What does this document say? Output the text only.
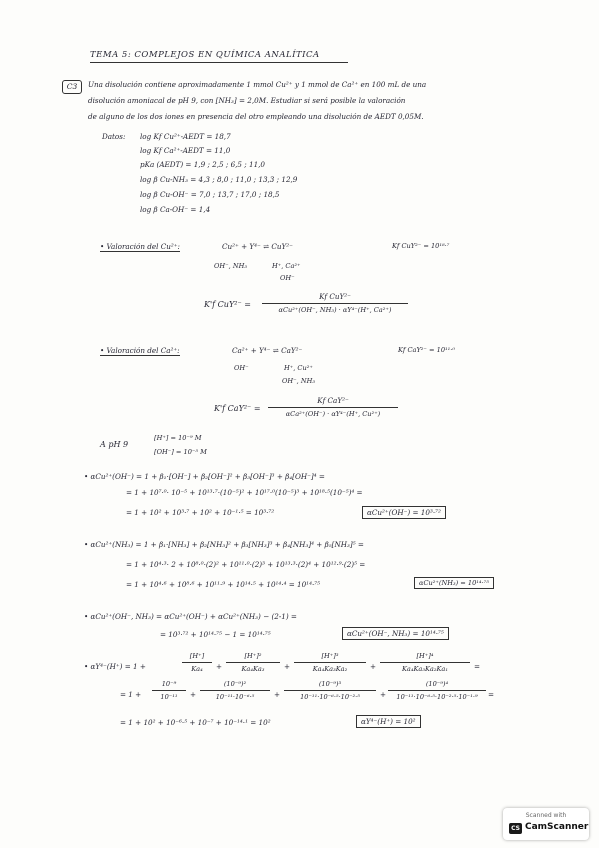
TEMA 5: COMPLEJOS EN QUÍMICA ANALÍTICA
C3	Una disolución contiene aproximadamente 1 mmol Cu²⁺ y 1 mmol de Ca²⁺ en 100 mL de una
disolución amoniacal de pH 9, con [NH₃] = 2,0M. Estudiar si será posible la valoración
de alguno de los dos iones en presencia del otro empleando una disolución de AEDT 0,05M.
Datos: log Kf Cu²⁺-AEDT = 18,7
log Kf Ca²⁺-AEDT = 11,0
pKa (AEDT) = 1,9 ; 2,5 ; 6,5 ; 11,0
log β Cu-NH₃ = 4,3 ; 8,0 ; 11,0 ; 13,3 ; 12,9
log β Cu-OH⁻ = 7,0 ; 13,7 ; 17,0 ; 18,5
log β Ca-OH⁻ = 1,4
• Valoración del Cu²⁺:	Cu²⁺ + Y⁴⁻ ⇌ CuY²⁻	Kf CuY²⁻ = 10¹⁸·⁷
OH⁻, NH₃	H⁺, Ca²⁺
OH⁻
K'f CuY²⁻ =
Kf CuY²⁻
αCu²⁺(OH⁻, NH₃) · αY⁴⁻(H⁺, Ca²⁺)
• Valoración del Ca²⁺:	Ca²⁺ + Y⁴⁻ ⇌ CaY²⁻	Kf CaY²⁻ = 10¹¹·⁰
OH⁻	H⁺, Cu²⁺
OH⁻, NH₃
K'f CaY²⁻ =
Kf CaY²⁻
αCa²⁺(OH⁻) · αY⁴⁻(H⁺, Cu²⁺)
A pH 9
[H⁺] = 10⁻⁹ M
[OH⁻] = 10⁻⁵ M
• αCu²⁺(OH⁻) = 1 + β₁·[OH⁻] + β₂[OH⁻]² + β₃[OH⁻]³ + β₄[OH⁻]⁴ =
= 1 + 10⁷·⁰· 10⁻⁵ + 10¹³·⁷·(10⁻⁵)² + 10¹⁷·⁰(10⁻⁵)³ + 10¹⁸·⁵(10⁻⁵)⁴ =
= 1 + 10² + 10³·⁷ + 10² + 10⁻¹·⁵ = 10³·⁷²	αCu²⁺(OH⁻) = 10³·⁷²
• αCu²⁺(NH₃) = 1 + β₁·[NH₃] + β₂[NH₃]² + β₃[NH₃]³ + β₄[NH₃]⁴ + β₅[NH₃]⁵ =
= 1 + 10⁴·³· 2 + 10⁸·⁰·(2)² + 10¹¹·⁰·(2)³ + 10¹³·³·(2)⁴ + 10¹²·⁹·(2)⁵ =
= 1 + 10⁴·⁶ + 10⁸·⁶ + 10¹¹·⁹ + 10¹⁴·⁵ + 10¹⁴·⁴ = 10¹⁴·⁷⁵	αCu²⁺(NH₃) = 10¹⁴·⁷⁵
• αCu²⁺(OH⁻, NH₃) = αCu²⁺(OH⁻) + αCu²⁺(NH₃) − (2-1) =
= 10³·⁷² + 10¹⁴·⁷⁵ − 1 = 10¹⁴·⁷⁵	αCu²⁺(OH⁻, NH₃) = 10¹⁴·⁷⁵
• αY⁴⁻(H⁺) = 1 +
[H⁺]
Ka₄	+
[H⁺]²
Ka₄Ka₃	+
[H⁺]³
Ka₄Ka₃Ka₂	+
[H⁺]⁴
Ka₄Ka₃Ka₂Ka₁	=
= 1 +
10⁻⁹
10⁻¹¹	+
(10⁻⁹)²
10⁻¹¹·10⁻⁶·⁵	+
(10⁻⁹)³
10⁻¹¹·10⁻⁶·⁵·10⁻²·⁵	+
(10⁻⁹)⁴
10⁻¹¹·10⁻⁶·⁵·10⁻²·⁵·10⁻¹·⁹	=
= 1 + 10² + 10⁻⁶·⁵ + 10⁻⁷ + 10⁻¹⁴·¹ = 10²	αY⁴⁻(H⁺) = 10²
Scanned with
CS CamScanner
